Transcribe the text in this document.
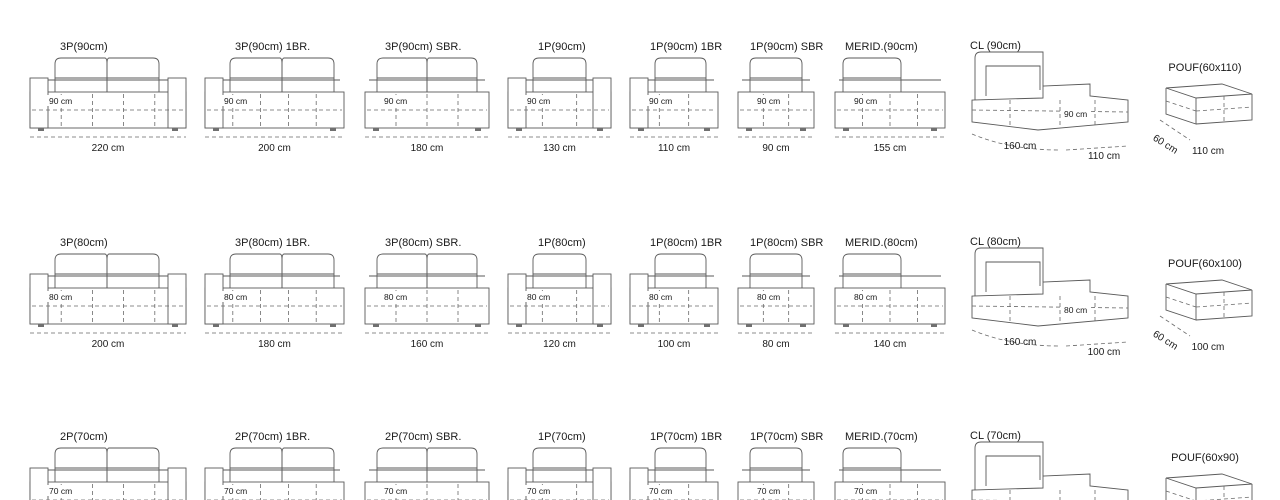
90 cm
220 cm
3P(90cm)
90 cm
200 cm
3P(90cm) 1BR.
90 cm
180 cm
3P(90cm) SBR.
90 cm
130 cm
1P(90cm)
90 cm
110 cm
1P(90cm) 1BR
90 cm
90 cm
1P(90cm) SBR
90 cm
155 cm
MERID.(90cm)
90 cm
160 cm
110 cm
CL (90cm)
60 cm 110 cm
POUF(60x110)
80 cm
200 cm
3P(80cm)
80 cm
180 cm
3P(80cm) 1BR.
80 cm
160 cm
3P(80cm) SBR.
80 cm
120 cm
1P(80cm)
80 cm
100 cm
1P(80cm) 1BR
80 cm
80 cm
1P(80cm) SBR
80 cm
140 cm
MERID.(80cm)
80 cm
160 cm
100 cm
CL (80cm)
60 cm 100 cm
POUF(60x100)
70 cm
2P(70cm)
70 cm
2P(70cm) 1BR.
70 cm
2P(70cm) SBR.
70 cm
1P(70cm)
70 cm
1P(70cm) 1BR
70 cm
1P(70cm) SBR
70 cm
MERID.(70cm)	CL (70cm)
POUF(60x90)
